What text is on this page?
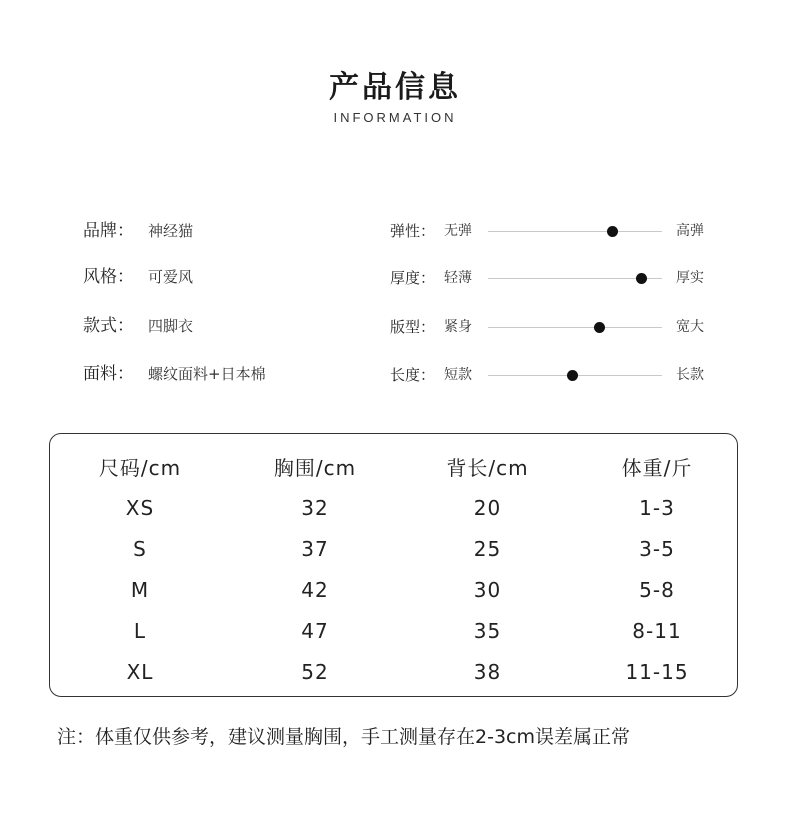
产品信息
INFORMATION
品牌： 神经猫
风格： 可爱风
款式： 四脚衣
面料： 螺纹面料+日本棉
弹性： 无弹	高弹
厚度： 轻薄	厚实
版型： 紧身	宽大
长度： 短款	长款
尺码/cm	胸围/cm	背长/cm	体重/斤
XS	32	20	1-3
S	37	25	3-5
M	42	30	5-8
L	47	35	8-11
XL	52	38	11-15
注：体重仅供参考，建议测量胸围，手工测量存在2-3cm误差属正常
